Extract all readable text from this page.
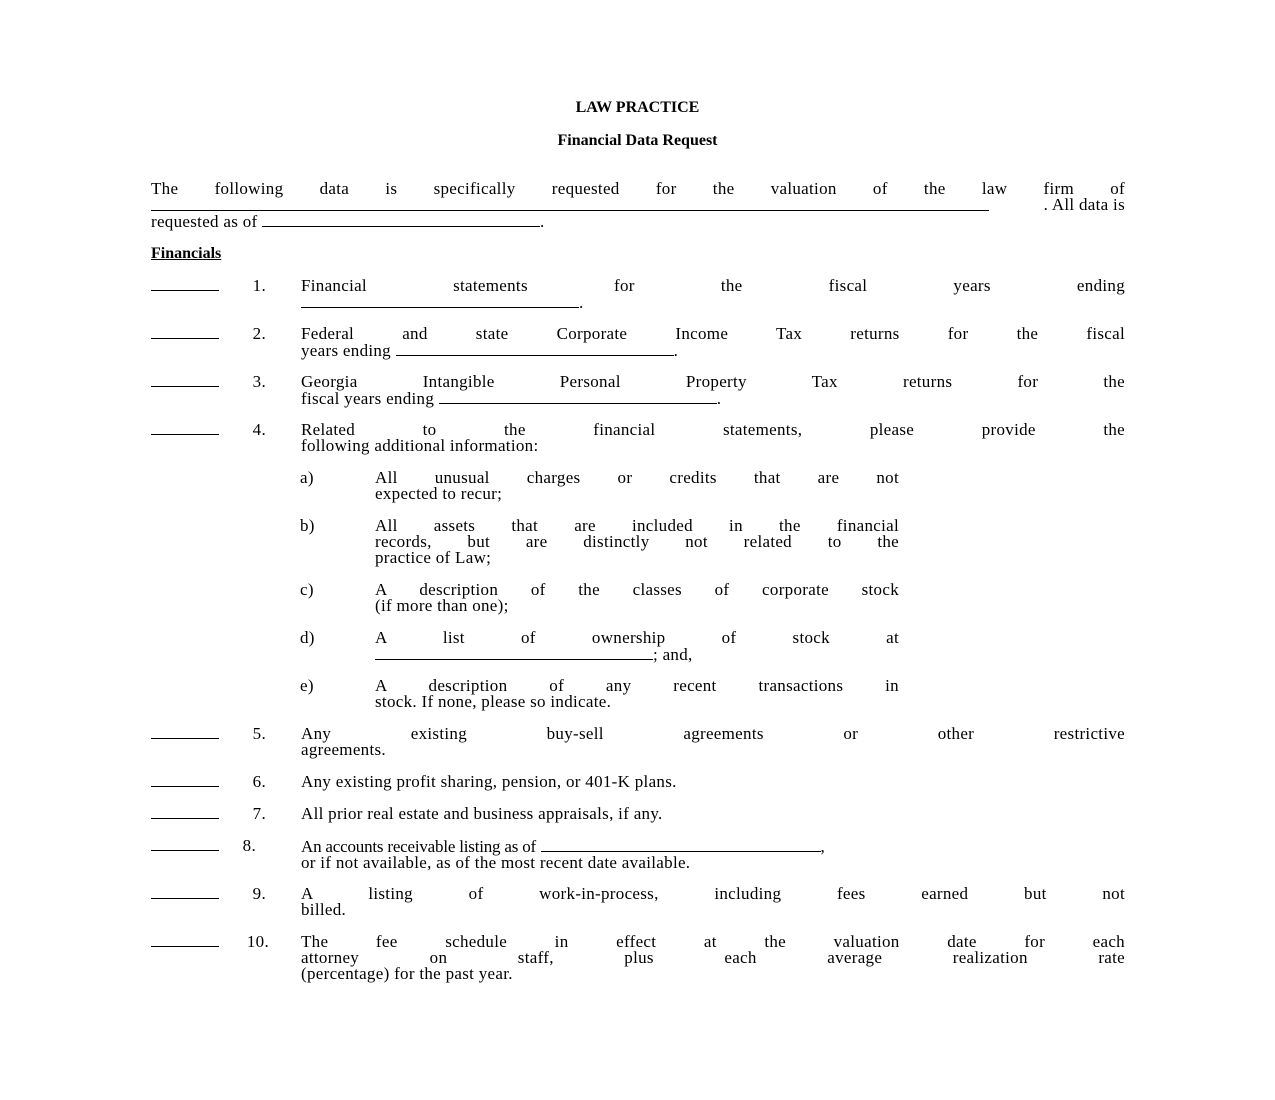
LAW PRACTICE
Financial Data Request
The following data is specifically requested for the valuation of the law firm of
. All data is
requested as of	.
Financials
1. Financial statements for the fiscal years ending
.
2. Federal and state Corporate Income Tax returns for the fiscal
years ending	.
3. Georgia Intangible Personal Property Tax returns for the
fiscal years ending	.
4. Related to the financial statements, please provide the
following additional information:
a)	All unusual charges or credits that are not
expected to recur;
b)	All assets that are included in the financial
records, but are distinctly not related to the
practice of Law;
c)	A description of the classes of corporate stock
(if more than one);
d)	A list of ownership of stock at
; and,
e)	A description of any recent transactions in
stock. If none, please so indicate.
5. Any existing buy-sell agreements or other restrictive
agreements.
6. Any existing profit sharing, pension, or 401-K plans.
7. All prior real estate and business appraisals, if any.
8.	An accounts receivable listing as of	,
or if not available, as of the most recent date available.
9. A listing of work-in-process, including fees earned but not
billed.
10. The fee schedule in effect at the valuation date for each
attorney on staff, plus each average realization rate
(percentage) for the past year.
